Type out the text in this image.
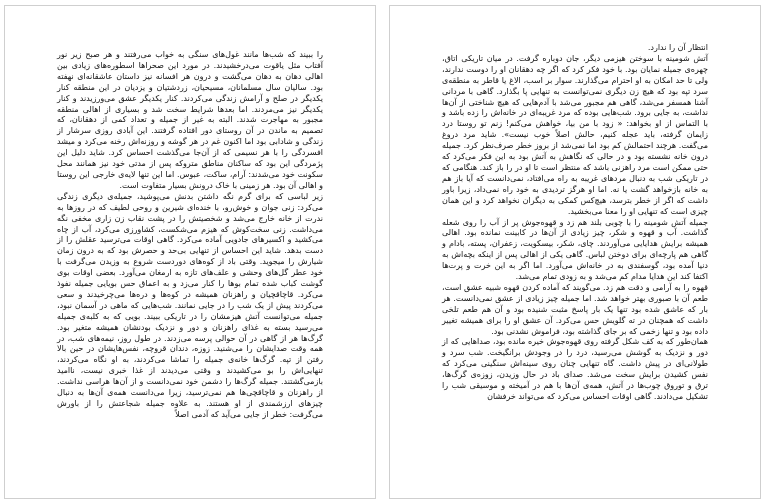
را ببیند که شب‌ها مانند غول‌های سنگی به خواب می‌رفتند و هر صبح زیر نور آفتاب مثل یاقوت می‌درخشیدند. در مورد این صحرا‌ها اسطوره‌های زیادی بین اهالی دهان به دهان می‌گشت و درون هر افسانه نیز داستان عاشقانه‌ای نهفته بود. سالیان سال مسلمانان، مسیحیان، زردشتیان و یزدیان در این منطقه کنار یکدیگر در صلح و آرامش زندگی می‌کردند. کنار یکدیگر عشق می‌ورزیدند و کنار یکدیگر نیز می‌مردند. اما بعدها شرایط سخت شد و بسیاری از اهالی منطقه مجبور به مهاجرت شدند. البته به غیر از جمیله و تعداد کمی از دهقانان، که تصمیم به ماندن در آن روستای دور افتاده گرفتند. این آبادی روزی سرشار از زندگی و شادابی بود اما اکنون غم در هر گوشه و روزنه‌اش رخنه می‌کرد و میشد افسردگی را با هر نسیمی که از آن‌جا می‌گذشت احساس کرد. شاید دلیل این پژمردگی این بود که ساکنان مناطق متروکه پس از مدتی خود نیز همانند محل سکونت خود می‌شدند: آرام، ساکت، عبوس. اما این تنها لایه‌ی خارجی این روستا و اهالی آن بود. هر زمینی با خاک درونش بسیار متفاوت است.

زیر لباسی که برای گرم نگه داشتن بدنش می‌پوشید، جمیله‌ی دیگری زندگی می‌کرد: زنی جوان و خوش‌رو، با خنده‌ای شیرین و روحی لطیف که در روزها به ندرت از خانه خارج می‌شد و شخصیتش را در پشت نقاب زن زاری مخفی نگه می‌داشت. زنی سخت‌کوش که هیزم می‌شکست، کشاورزی می‌کرد، آب از چاه می‌کشید و اکسیرهای جادویی آماده می‌کرد. گاهی اوقات می‌ترسید عقلش را از دست بدهد. شاید این احساس از تنهایی بی‌حد و حصرش بود که به درون زمان شیارش را میجوید. وقتی باد از کوه‌های دوردست شروع به وزیدن می‌گرفت با خود عطر گل‌های وحشی و علف‌های تازه به ارمغان می‌آورد. بعضی اوقات بوی گوشت کباب شده تمام بوها را کنار می‌زد و به اعماق حس بویایی جمیله نفوذ می‌کرد. قاچاقچیان و راهزنان همیشه در کوه‌ها و دره‌ها می‌چرخیدند و سعی می‌کردند پیش از یک شب را در جایی نمانند. شب‌هایی که ماهی در آسمان نبود، جمیله می‌توانست آتش هیزمشان را در تاریکی ببیند. بویی که به کلبه‌ی جمیله می‌رسید بسته به غذای راهزنان و دور و نزدیک بودنشان همیشه متغیر بود. گرگ‌ها هر از گاهی در آن حوالی پرسه می‌زدند. در طول روز، نیمه‌های شب، در همه وقت صدایشان را می‌شنید. زوزه، دندان قروچه، نفس‌هایشان در حین بالا رفتن از تپه. گرگ‌ها خانه‌ی جمیله را تماشا می‌کردند، به او نگاه می‌کردند، تنهایی‌اش را بو می‌کشیدند و وقتی می‌دیدند از غذا خبری نیست، ناامید بازمی‌گشتند. جمیله گرگ‌ها را دشمن خود نمی‌دانست و از آن‌ها هراسی نداشت. از راهزنان و قاچاقچی‌ها هم نمی‌ترسید، زیرا می‌دانست همه‌ی آن‌ها به دنبال چیزهای ارزشمندی از او هستند. به علاوه جمیله شجاعتش را از باورش می‌گرفت: خطر از جایی می‌آید که آدمی اصلاً

انتظار آن را ندارد.

آتش شومینه با سوختن هیزمی دیگر، جان دوباره گرفت. در میان تاریکی اتاق، چهره‌ی جمیله نمایان بود. با خود فکر کرد که اگر چه دهقانان او را دوست ندارند، ولی تا حد امکان به او احترام می‌گذارند. سوار بر اسب، الاغ یا قاطر به منطقه‌ی سرد تپه بود که هیچ زن دیگری نمی‌توانست به تنهایی پا بگذارد. گاهی با مردانی آشنا همسفر می‌شد، گاهی هم مجبور می‌شد با آدم‌هایی که هیچ شناختی از آن‌ها نداشت، به جایی برود. شب‌هایی بوده که مرد غریبه‌ای در خانه‌اش را زده باشد و با التماس از او بخواهد: « زود با من بیا، خواهش می‌کنم! زنم تو روستا درد زایمان گرفته، باید عجله کنیم، حالش اصلاً خوب نیست». شاید مرد دروغ می‌گفت. هرچند احتمالش کم بود اما نمی‌شد از بروز خطر صرف‌نظر کرد. جمیله درون خانه نشسته بود و در حالی که نگاهش به آتش بود به این فکر می‌کرد که حتی ممکن است مرد راهزنی باشد که منتظر است تا او در را باز کند. هنگامی که در تاریکی شب به دنبال مردهای غریبه به راه می‌افتاد، نمی‌دانست که آیا باز هم به خانه بازخواهد گشت یا نه. اما او هرگز تردیدی به خود راه نمی‌داد، زیرا باور داشت که اگر از خطر بترسد، هیچ‌کس کمکی به دیگران نخواهد کرد و این همان چیزی است که تنهایی او را معنا می‌بخشید.

جمیله آتش شومینه را با چوبی بلند هم زد و قهوه‌جوش پر از آب را روی شعله گذاشت. آب و قهوه و شکر، چیز زیادی از آن‌ها در کابینت نمانده بود. اهالی همیشه برایش هدایایی می‌آوردند. چای، شکر، بیسکویت، زعفران، پسته، بادام و گاهی هم پارچه‌ای برای دوختن لباس. گاهی یکی از اهالی پس از اینکه بچه‌اش به دنیا آمده بود، گوسفندی به در خانه‌اش می‌آورد. اما اگر به این خرت و پرت‌ها اکتفا کند این هدایا مدام کم می‌شد و به زودی تمام می‌شد.

قهوه را به آرامی و دقت هم زد. می‌گویند که آماده کردن قهوه شبیه عشق است، طعم آن با صبوری بهتر خواهد شد. اما جمیله چیز زیادی از عشق نمی‌دانست. هر بار که عاشق شده بود تنها یک بار پاسخ مثبت شنیده بود و آن هم طعم تلخی داشت که همچنان در ته گلویش حس می‌کرد. آن عشق او را برای همیشه تغییر داده بود و تنها زخمی که بر جای گذاشته بود، فراموش نشدنی بود.

همان‌طور که به کف شکل گرفته روی قهوه‌جوش خیره مانده بود، صدا‌هایی که از دور و نزدیک به گوشش می‌رسید، درد را در وجودش برانگیخت. شب سرد و طولانی‌ای در پیش داشت. گاه تنهایی چنان روی سینه‌اش سنگینی می‌کرد که نفس کشیدن برایش سخت می‌شد. صدای باد در حال وزیدن، زوزه‌ی گرگ‌ها، ترق و توروق چوب‌ها در آتش، همه‌ی آن‌ها با هم در آمیخته و موسیقی شب را تشکیل می‌دادند. گاهی اوقات احساس می‌کرد که می‌تواند خرفشان
